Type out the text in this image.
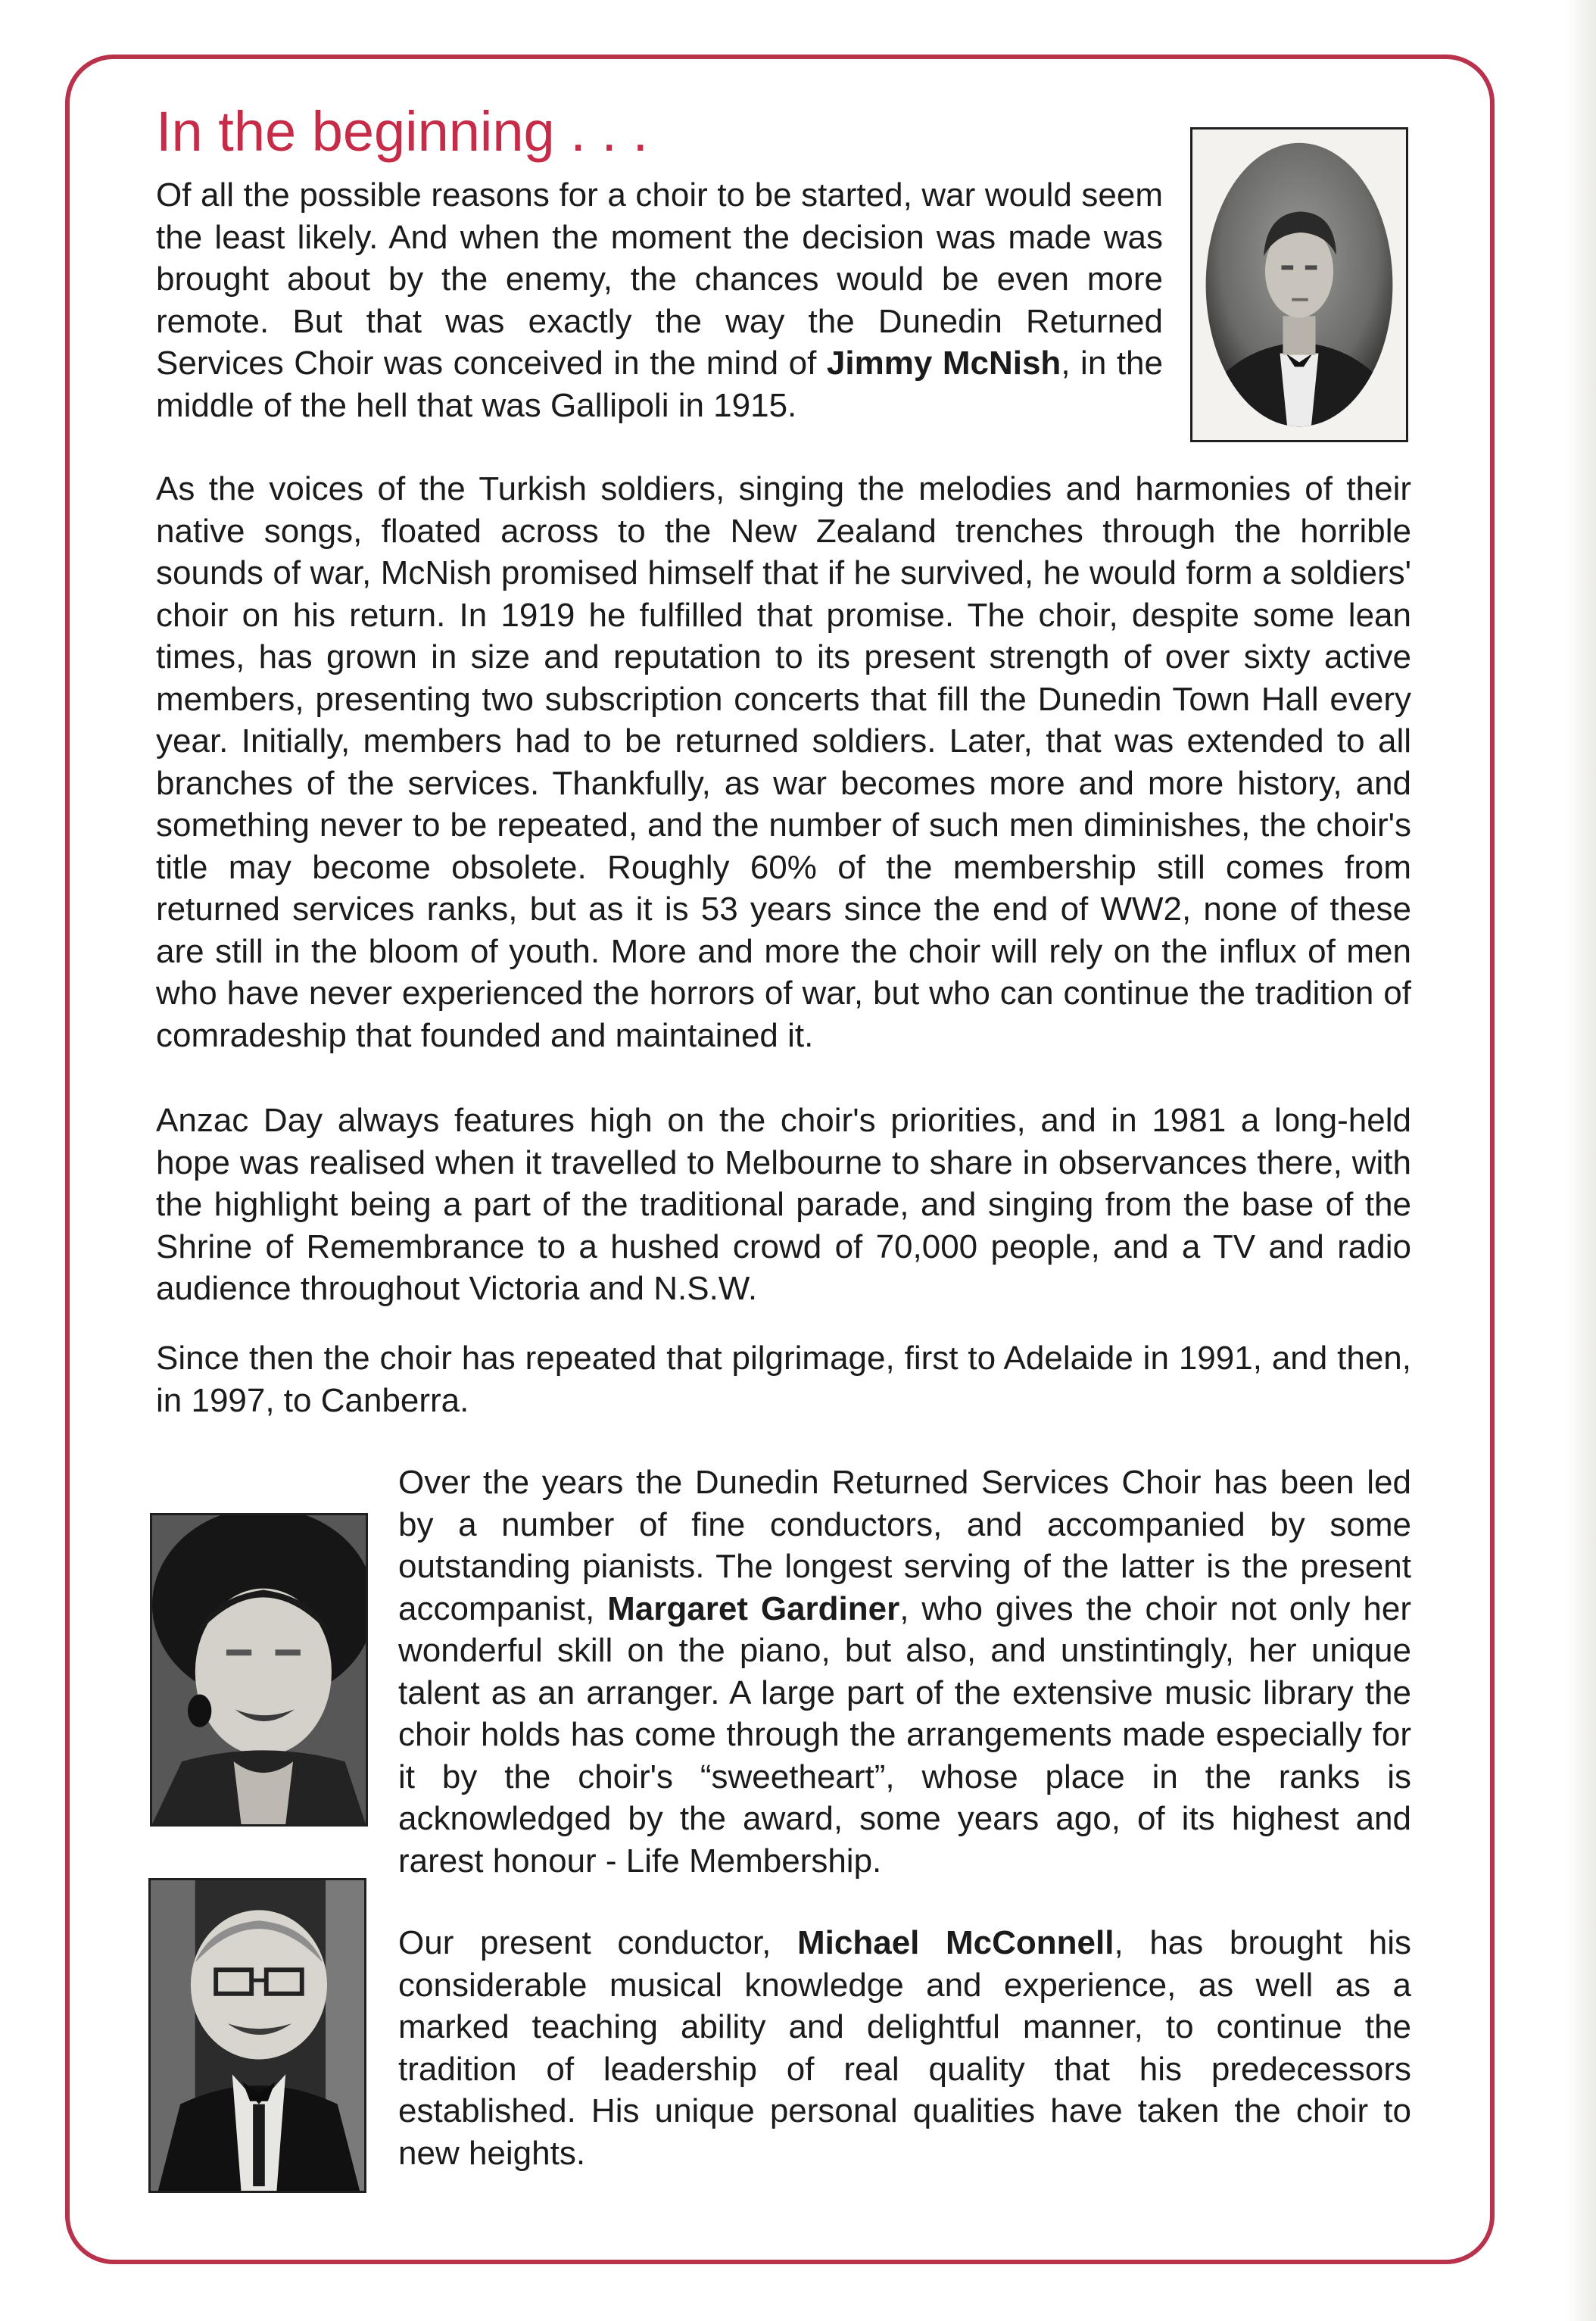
In the beginning . . .

Of all the possible reasons for a choir to be started, war would seem the least likely. And when the moment the decision was made was brought about by the enemy, the chances would be even more remote. But that was exactly the way the Dunedin Returned Services Choir was conceived in the mind of Jimmy McNish, in the middle of the hell that was Gallipoli in 1915.

As the voices of the Turkish soldiers, singing the melodies and harmonies of their native songs, floated across to the New Zealand trenches through the horrible sounds of war, McNish promised himself that if he survived, he would form a soldiers' choir on his return. In 1919 he fulfilled that promise. The choir, despite some lean times, has grown in size and reputation to its present strength of over sixty active members, presenting two subscription concerts that fill the Dunedin Town Hall every year. Initially, members had to be returned soldiers. Later, that was extended to all branches of the services. Thankfully, as war becomes more and more history, and something never to be repeated, and the number of such men diminishes, the choir's title may become obsolete. Roughly 60% of the membership still comes from returned services ranks, but as it is 53 years since the end of WW2, none of these are still in the bloom of youth. More and more the choir will rely on the influx of men who have never experienced the horrors of war, but who can continue the tradition of comradeship that founded and maintained it.

Anzac Day always features high on the choir's priorities, and in 1981 a long-held hope was realised when it travelled to Melbourne to share in observances there, with the highlight being a part of the traditional parade, and singing from the base of the Shrine of Remembrance to a hushed crowd of 70,000 people, and a TV and radio audience throughout Victoria and N.S.W.

Since then the choir has repeated that pilgrimage, first to Adelaide in 1991, and then, in 1997, to Canberra.

Over the years the Dunedin Returned Services Choir has been led by a number of fine conductors, and accompanied by some outstanding pianists. The longest serving of the latter is the present accompanist, Margaret Gardiner, who gives the choir not only her wonderful skill on the piano, but also, and unstintingly, her unique talent as an arranger. A large part of the extensive music library the choir holds has come through the arrangements made especially for it by the choir's “sweetheart”, whose place in the ranks is acknowledged by the award, some years ago, of its highest and rarest honour - Life Membership.

Our present conductor, Michael McConnell, has brought his considerable musical knowledge and experience, as well as a marked teaching ability and delightful manner, to continue the tradition of leadership of real quality that his predecessors established. His unique personal qualities have taken the choir to new heights.
